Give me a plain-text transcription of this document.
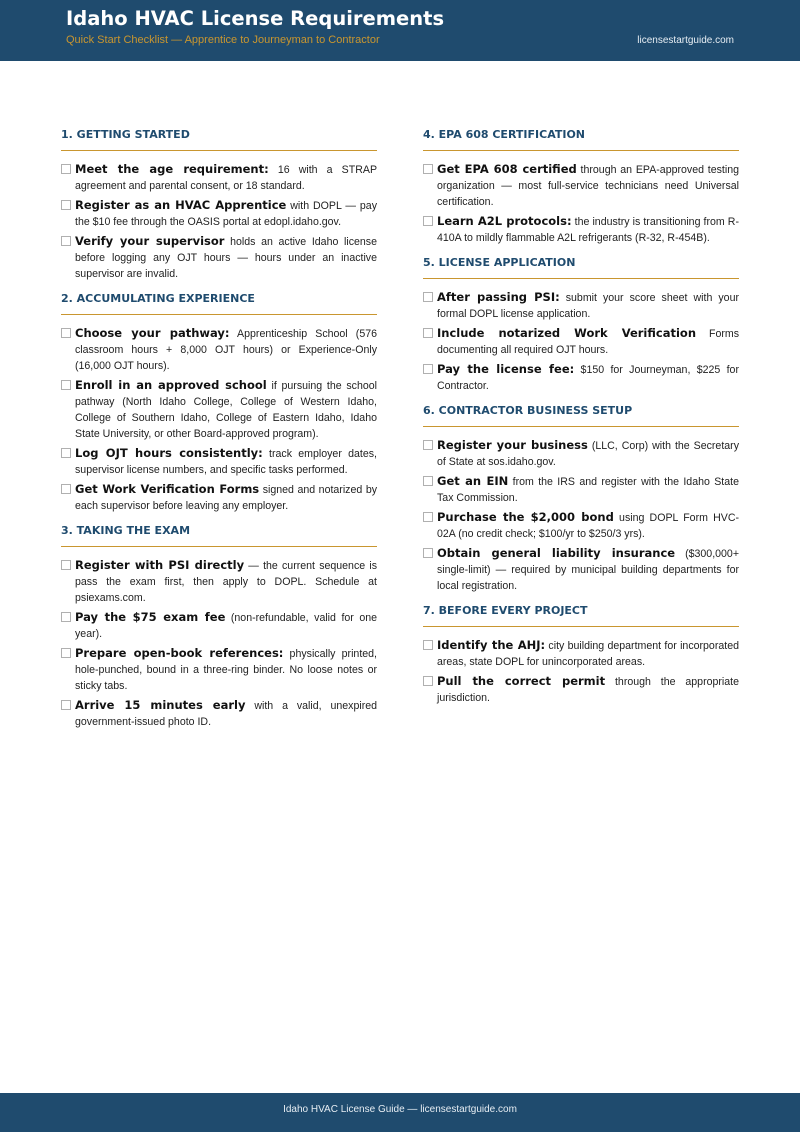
Idaho HVAC License Requirements
Quick Start Checklist — Apprentice to Journeyman to Contractor	licensestartguide.com
1. GETTING STARTED
Meet the age requirement: 16 with a STRAP agreement and parental consent, or 18 standard.
Register as an HVAC Apprentice with DOPL — pay the $10 fee through the OASIS portal at edopl.idaho.gov.
Verify your supervisor holds an active Idaho license before logging any OJT hours — hours under an inactive supervisor are invalid.
2. ACCUMULATING EXPERIENCE
Choose your pathway: Apprenticeship School (576 classroom hours + 8,000 OJT hours) or Experience-Only (16,000 OJT hours).
Enroll in an approved school if pursuing the school pathway (North Idaho College, College of Western Idaho, College of Southern Idaho, College of Eastern Idaho, Idaho State University, or other Board-approved program).
Log OJT hours consistently: track employer dates, supervisor license numbers, and specific tasks performed.
Get Work Verification Forms signed and notarized by each supervisor before leaving any employer.
3. TAKING THE EXAM
Register with PSI directly — the current sequence is pass the exam first, then apply to DOPL. Schedule at psiexams.com.
Pay the $75 exam fee (non-refundable, valid for one year).
Prepare open-book references: physically printed, hole-punched, bound in a three-ring binder. No loose notes or sticky tabs.
Arrive 15 minutes early with a valid, unexpired government-issued photo ID.
4. EPA 608 CERTIFICATION
Get EPA 608 certified through an EPA-approved testing organization — most full-service technicians need Universal certification.
Learn A2L protocols: the industry is transitioning from R-410A to mildly flammable A2L refrigerants (R-32, R-454B).
5. LICENSE APPLICATION
After passing PSI: submit your score sheet with your formal DOPL license application.
Include notarized Work Verification Forms documenting all required OJT hours.
Pay the license fee: $150 for Journeyman, $225 for Contractor.
6. CONTRACTOR BUSINESS SETUP
Register your business (LLC, Corp) with the Secretary of State at sos.idaho.gov.
Get an EIN from the IRS and register with the Idaho State Tax Commission.
Purchase the $2,000 bond using DOPL Form HVC-02A (no credit check; $100/yr to $250/3 yrs).
Obtain general liability insurance ($300,000+ single-limit) — required by municipal building departments for local registration.
7. BEFORE EVERY PROJECT
Identify the AHJ: city building department for incorporated areas, state DOPL for unincorporated areas.
Pull the correct permit through the appropriate jurisdiction.
Idaho HVAC License Guide — licensestartguide.com
